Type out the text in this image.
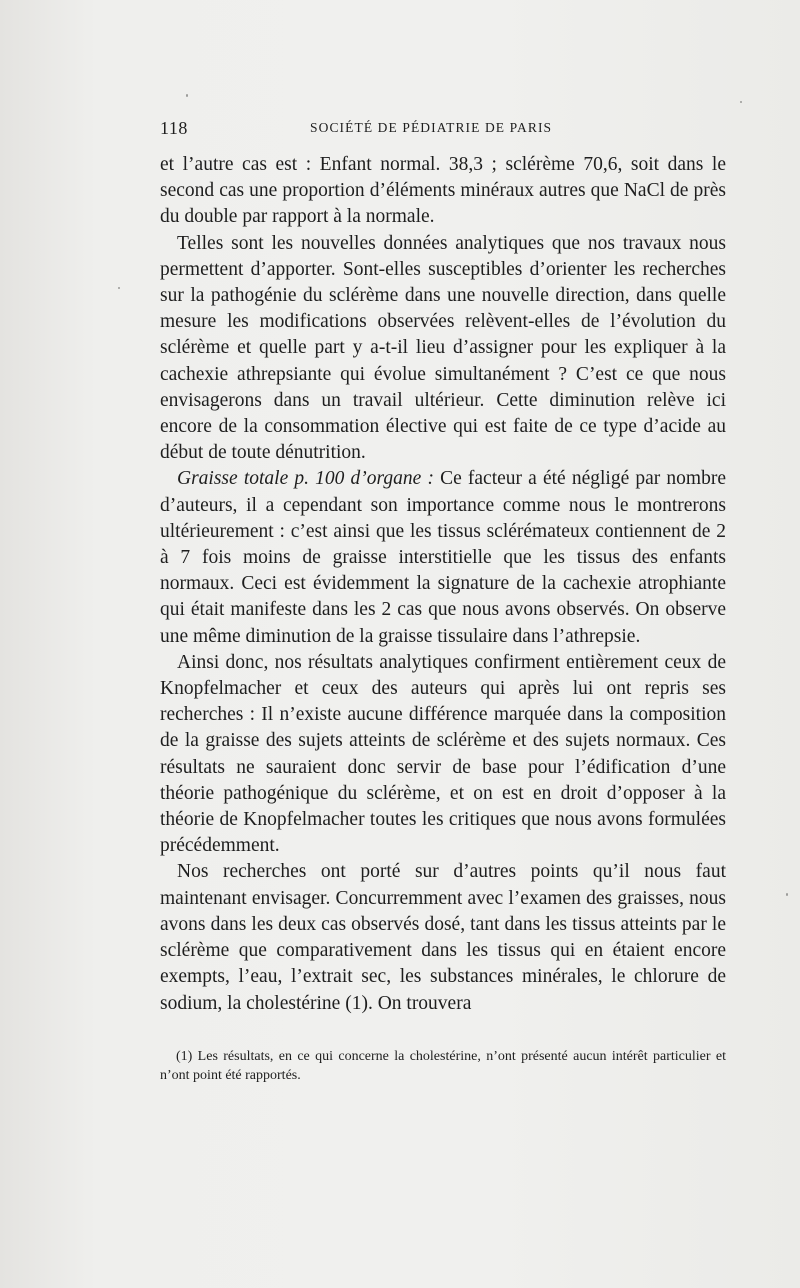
118	SOCIÉTÉ DE PÉDIATRIE DE PARIS

et l’autre cas est : Enfant normal. 38,3 ; sclérème 70,6, soit dans le second cas une proportion d’éléments minéraux autres que NaCl de près du double par rapport à la normale.

Telles sont les nouvelles données analytiques que nos travaux nous permettent d’apporter. Sont-elles susceptibles d’orienter les recherches sur la pathogénie du sclérème dans une nouvelle direction, dans quelle mesure les modifications observées relèvent-elles de l’évolution du sclérème et quelle part y a-t-il lieu d’assigner pour les expliquer à la cachexie athrepsiante qui évolue simultanément ? C’est ce que nous envisagerons dans un travail ultérieur. Cette diminution relève ici encore de la consommation élective qui est faite de ce type d’acide au début de toute dénutrition.

Graisse totale p. 100 d’organe : Ce facteur a été négligé par nombre d’auteurs, il a cependant son importance comme nous le montrerons ultérieurement : c’est ainsi que les tissus sclérémateux contiennent de 2 à 7 fois moins de graisse interstitielle que les tissus des enfants normaux. Ceci est évidemment la signature de la cachexie atrophiante qui était manifeste dans les 2 cas que nous avons observés. On observe une même diminution de la graisse tissulaire dans l’athrepsie.

Ainsi donc, nos résultats analytiques confirment entièrement ceux de Knopfelmacher et ceux des auteurs qui après lui ont repris ses recherches : Il n’existe aucune différence marquée dans la composition de la graisse des sujets atteints de sclérème et des sujets normaux. Ces résultats ne sauraient donc servir de base pour l’édification d’une théorie pathogénique du sclérème, et on est en droit d’opposer à la théorie de Knopfelmacher toutes les critiques que nous avons formulées précédemment.

Nos recherches ont porté sur d’autres points qu’il nous faut maintenant envisager. Concurremment avec l’examen des graisses, nous avons dans les deux cas observés dosé, tant dans les tissus atteints par le sclérème que comparativement dans les tissus qui en étaient encore exempts, l’eau, l’extrait sec, les substances minérales, le chlorure de sodium, la cholestérine (1). On trouvera

(1) Les résultats, en ce qui concerne la cholestérine, n’ont présenté aucun intérêt particulier et n’ont point été rapportés.
